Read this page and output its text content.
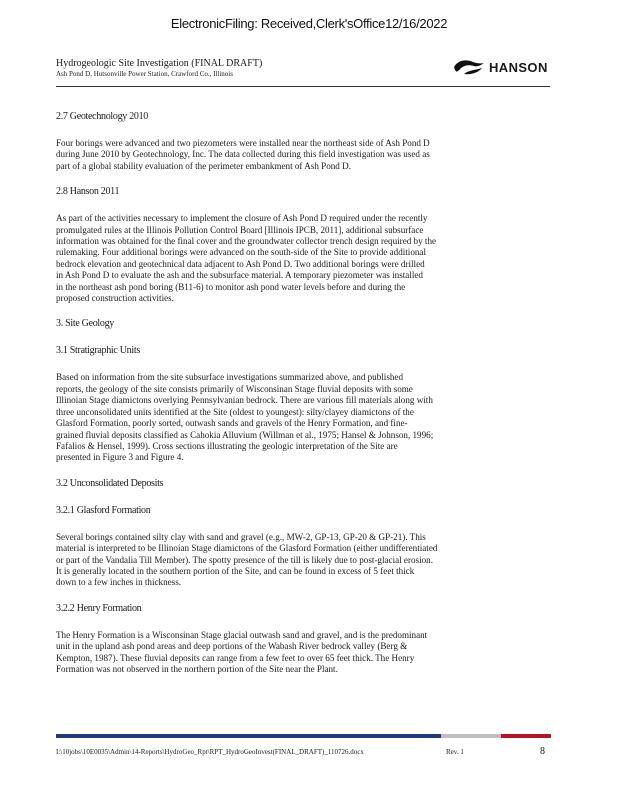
ElectronicFiling: Received,Clerk'sOffice12/16/2022
Hydrogeologic Site Investigation (FINAL DRAFT)
Ash Pond D, Hutsonville Power Station, Crawford Co., Illinois	HANSON
2.7 Geotechnology 2010
Four borings were advanced and two piezometers were installed near the northeast side of Ash Pond D
during June 2010 by Geotechnology, Inc. The data collected during this field investigation was used as
part of a global stability evaluation of the perimeter embankment of Ash Pond D.
2.8 Hanson 2011
As part of the activities necessary to implement the closure of Ash Pond D required under the recently
promulgated rules at the Illinois Pollution Control Board [Illinois IPCB, 2011], additional subsurface
information was obtained for the final cover and the groundwater collector trench design required by the
rulemaking. Four additional borings were advanced on the south-side of the Site to provide additional
bedrock elevation and geotechnical data adjacent to Ash Pond D. Two additional borings were drilled
in Ash Pond D to evaluate the ash and the subsurface material. A temporary piezometer was installed
in the northeast ash pond boring (B11-6) to monitor ash pond water levels before and during the
proposed construction activities.
3. Site Geology
3.1 Stratigraphic Units
Based on information from the site subsurface investigations summarized above, and published
reports, the geology of the site consists primarily of Wisconsinan Stage fluvial deposits with some
Illinoian Stage diamictons overlying Pennsylvanian bedrock. There are various fill materials along with
three unconsolidated units identified at the Site (oldest to youngest): silty/clayey diamictons of the
Glasford Formation, poorly sorted, outwash sands and gravels of the Henry Formation, and fine-
grained fluvial deposits classified as Cahokia Alluvium (Willman et al., 1975; Hansel & Johnson, 1996;
Fafalios & Hensel, 1999). Cross sections illustrating the geologic interpretation of the Site are
presented in Figure 3 and Figure 4.
3.2 Unconsolidated Deposits
3.2.1 Glasford Formation
Several borings contained silty clay with sand and gravel (e.g., MW-2, GP-13, GP-20 & GP-21). This
material is interpreted to be Illinoian Stage diamictons of the Glasford Formation (either undifferentiated
or part of the Vandalia Till Member). The spotty presence of the till is likely due to post-glacial erosion.
It is generally located in the southern portion of the Site, and can be found in excess of 5 feet thick
down to a few inches in thickness.
3.2.2 Henry Formation
The Henry Formation is a Wisconsinan Stage glacial outwash sand and gravel, and is the predominant
unit in the upland ash pond areas and deep portions of the Wabash River bedrock valley (Berg &
Kempton, 1987). These fluvial deposits can range from a few feet to over 65 feet thick. The Henry
Formation was not observed in the northern portion of the Site near the Plant.
I:\10jobs\10E0035\Admin\14-Reports\HydroGeo_Rpt\RPT_HydroGeoInvest(FINAL_DRAFT)_110726.docx	Rev. 1	8
